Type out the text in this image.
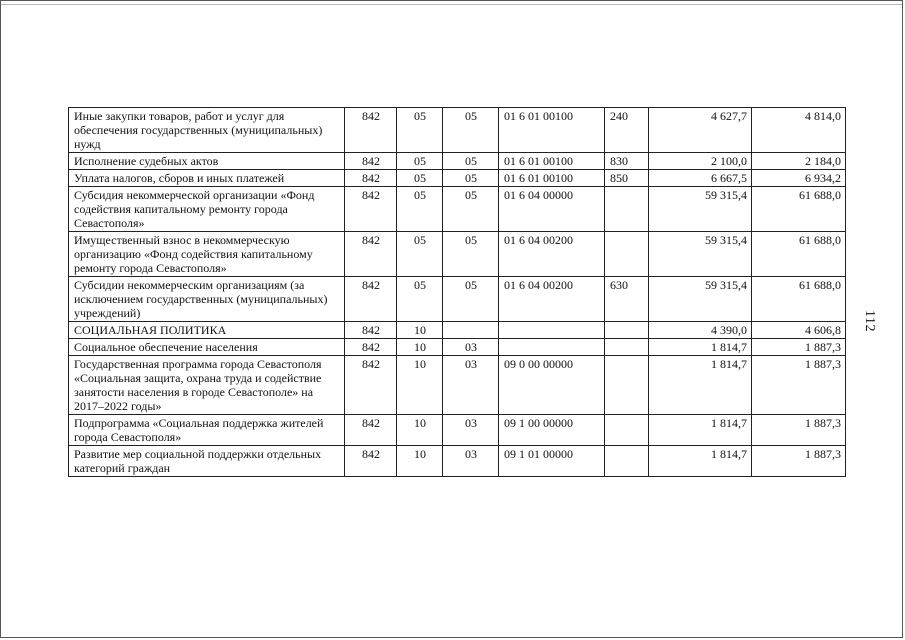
Иные закупки товаров, работ и услуг для обеспечения государственных (муниципальных) нужд	842	05	05	01 6 01 00100	240	4 627,7	4 814,0
Исполнение судебных актов	842	05	05	01 6 01 00100	830	2 100,0	2 184,0
Уплата налогов, сборов и иных платежей	842	05	05	01 6 01 00100	850	6 667,5	6 934,2
Субсидия некоммерческой организации «Фонд содействия капитальному ремонту города Севастополя»	842	05	05	01 6 04 00000		59 315,4	61 688,0
Имущественный взнос в некоммерческую организацию «Фонд содействия капитальному ремонту города Севастополя»	842	05	05	01 6 04 00200		59 315,4	61 688,0
Субсидии некоммерческим организациям (за исключением государственных (муниципальных) учреждений)	842	05	05	01 6 04 00200	630	59 315,4	61 688,0
СОЦИАЛЬНАЯ ПОЛИТИКА	842	10				4 390,0	4 606,8
Социальное обеспечение населения	842	10	03			1 814,7	1 887,3
Государственная программа города Севастополя «Социальная защита, охрана труда и содействие занятости населения в городе Севастополе» на 2017–2022 годы»	842	10	03	09 0 00 00000		1 814,7	1 887,3
Подпрограмма «Социальная поддержка жителей города Севастополя»	842	10	03	09 1 00 00000		1 814,7	1 887,3
Развитие мер социальной поддержки отдельных категорий граждан	842	10	03	09 1 01 00000		1 814,7	1 887,3
112
